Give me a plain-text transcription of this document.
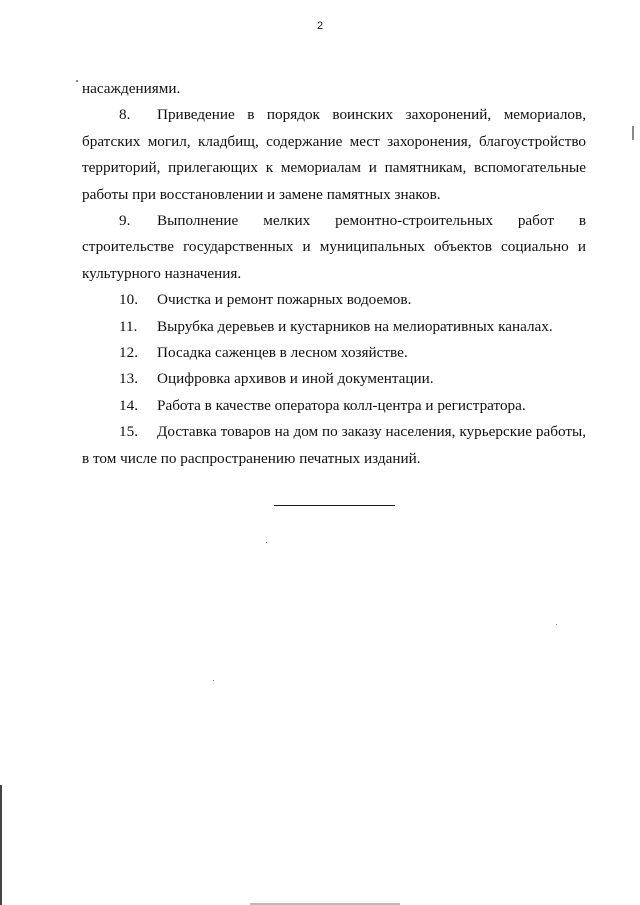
2

насаждениями.

8. Приведение в порядок воинских захоронений, мемориалов, братских могил, кладбищ, содержание мест захоронения, благоустройство территорий, прилегающих к мемориалам и памятникам, вспомогательные работы при восстановлении и замене памятных знаков.

9. Выполнение мелких ремонтно-строительных работ в строительстве государственных и муниципальных объектов социально и культурного назначения.

10. Очистка и ремонт пожарных водоемов.

11. Вырубка деревьев и кустарников на мелиоративных каналах.

12. Посадка саженцев в лесном хозяйстве.

13. Оцифровка архивов и иной документации.

14. Работа в качестве оператора колл-центра и регистратора.

15. Доставка товаров на дом по заказу населения, курьерские работы, в том числе по распространению печатных изданий.
